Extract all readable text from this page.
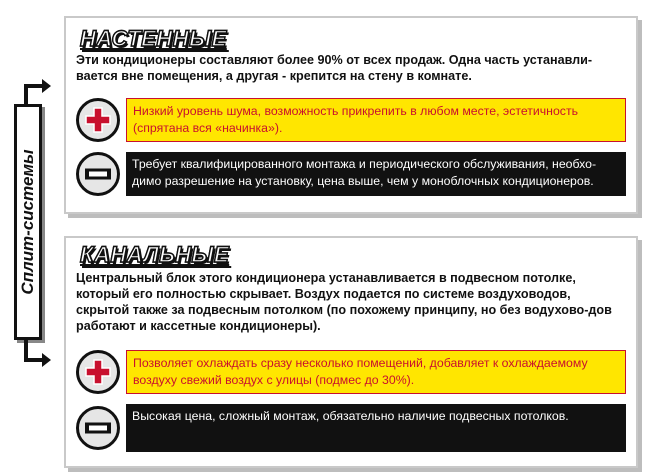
Сплит-системы
НАСТЕННЫЕ
Эти кондиционеры составляют более 90% от всех продаж. Одна часть устанавли-вается вне помещения, а другая - крепится на стену в комнате.
Низкий уровень шума, возможность прикрепить в любом месте, эстетичность (спрятана вся «начинка»).
Требует квалифицированного монтажа и периодического обслуживания, необхо-димо разрешение на установку, цена выше, чем у моноблочных кондиционеров.
КАНАЛЬНЫЕ
Центральный блок этого кондиционера устанавливается в подвесном потолке, который его полностью скрывает. Воздух подается по системе воздуховодов, скрытой также за подвесным потолком (по похожему принципу, но без водухово-дов работают и кассетные кондиционеры).
Позволяет охлаждать сразу несколько помещений, добавляет к охлаждаемому воздуху свежий воздух с улицы (подмес до 30%).
Высокая цена, сложный монтаж, обязательно наличие подвесных потолков.
